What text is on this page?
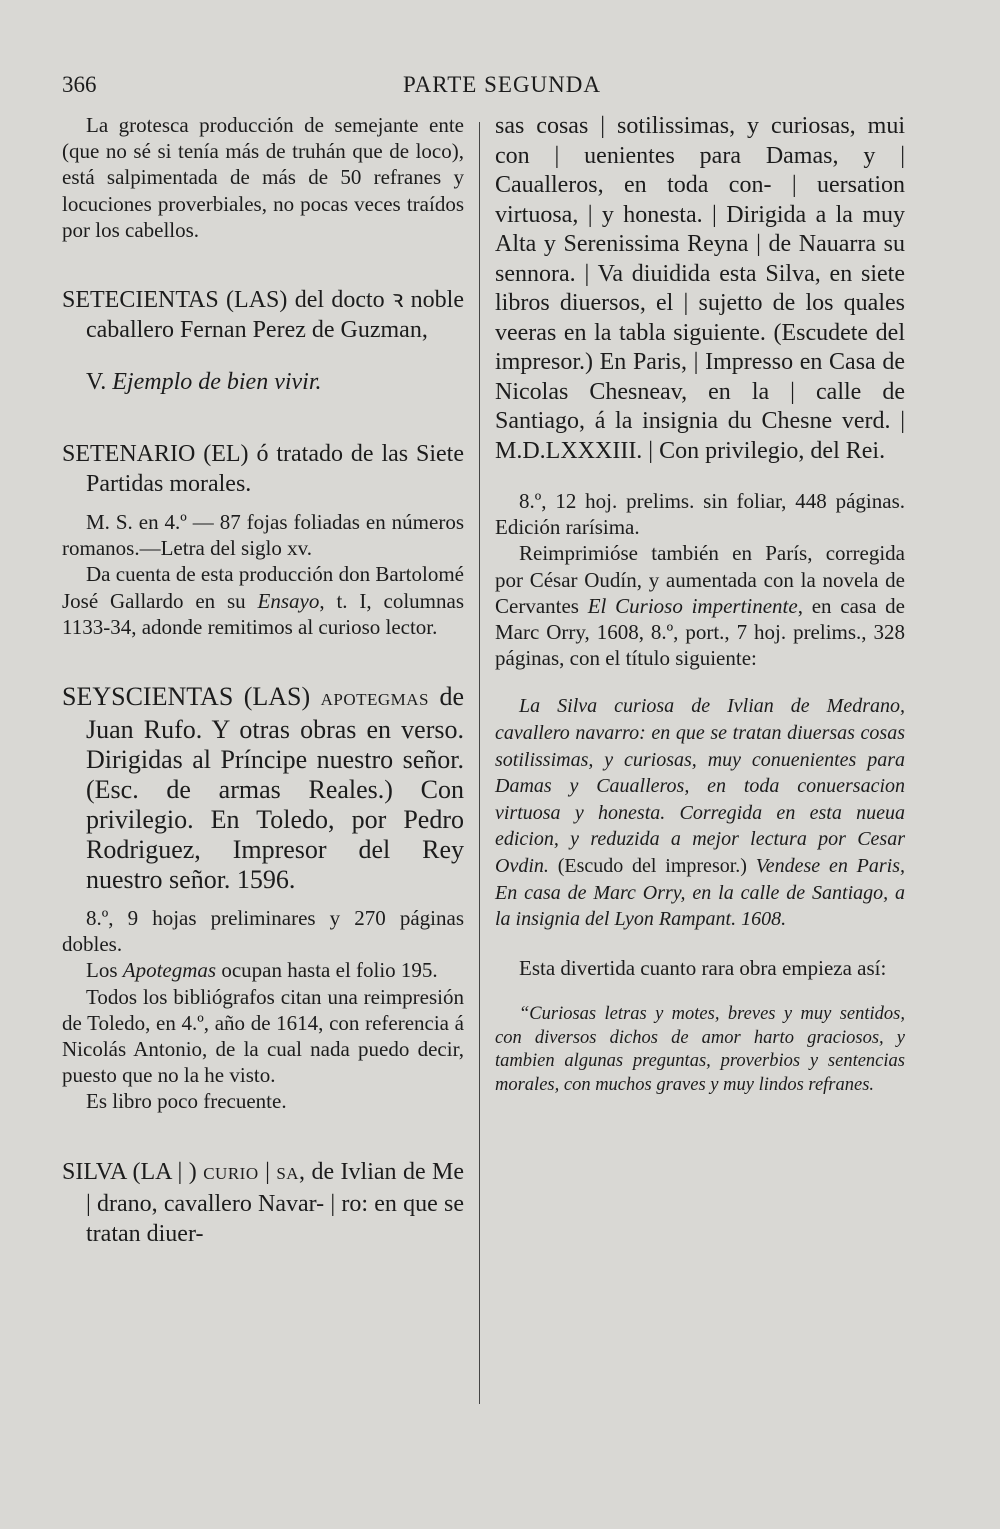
366	PARTE SEGUNDA

La grotesca producción de semejante ente (que no sé si tenía más de truhán que de loco), está salpimentada de más de 50 refranes y locuciones proverbiales, no pocas veces traídos por los cabellos.

SETECIENTAS (LAS) del docto ꝛ noble caballero Fernan Perez de Guzman,

V. Ejemplo de bien vivir.

SETENARIO (EL) ó tratado de las Siete Partidas morales.

M. S. en 4.º — 87 fojas foliadas en números romanos.—Letra del siglo xv.

Da cuenta de esta producción don Bartolomé José Gallardo en su Ensayo, t. I, columnas 1133-34, adonde remitimos al curioso lector.

SEYSCIENTAS (LAS) APOTEGMAS de Juan Rufo. Y otras obras en verso. Dirigidas al Príncipe nuestro señor. (Esc. de armas Reales.) Con privilegio. En Toledo, por Pedro Rodriguez, Impresor del Rey nuestro señor. 1596.

8.º, 9 hojas preliminares y 270 páginas dobles.

Los Apotegmas ocupan hasta el folio 195.

Todos los bibliógrafos citan una reimpresión de Toledo, en 4.º, año de 1614, con referencia á Nicolás Antonio, de la cual nada puedo decir, puesto que no la he visto.

Es libro poco frecuente.

SILVA (LA | ) CURIO | SA, de Ivlian de Me | drano, cavallero Navar- | ro: en que se tratan diuer-

sas cosas | sotilissimas, y curiosas, mui con | uenientes para Damas, y | Caualleros, en toda con- | uersation virtuosa, | y honesta. | Dirigida a la muy Alta y Serenissima Reyna | de Nauarra su sennora. | Va diuidida esta Silva, en siete libros diuersos, el | sujetto de los quales veeras en la tabla siguiente. (Escudete del impresor.) En Paris, | Impresso en Casa de Nicolas Chesneav, en la | calle de Santiago, á la insignia du Chesne verd. | M.D.LXXXIII. | Con privilegio, del Rei.

8.º, 12 hoj. prelims. sin foliar, 448 páginas. Edición rarísima.

Reimprimióse también en París, corregida por César Oudín, y aumentada con la novela de Cervantes El Curioso impertinente, en casa de Marc Orry, 1608, 8.º, port., 7 hoj. prelims., 328 páginas, con el título siguiente:

La Silva curiosa de Ivlian de Medrano, cavallero navarro: en que se tratan diuersas cosas sotilissimas, y curiosas, muy conuenientes para Damas y Caualleros, en toda conuersacion virtuosa y honesta. Corregida en esta nueua edicion, y reduzida a mejor lectura por Cesar Ovdin. (Escudo del impresor.) Vendese en Paris, En casa de Marc Orry, en la calle de Santiago, a la insignia del Lyon Rampant. 1608.

Esta divertida cuanto rara obra empieza así:

“Curiosas letras y motes, breves y muy sentidos, con diversos dichos de amor harto graciosos, y tambien algunas preguntas, proverbios y sentencias morales, con muchos graves y muy lindos refranes.
